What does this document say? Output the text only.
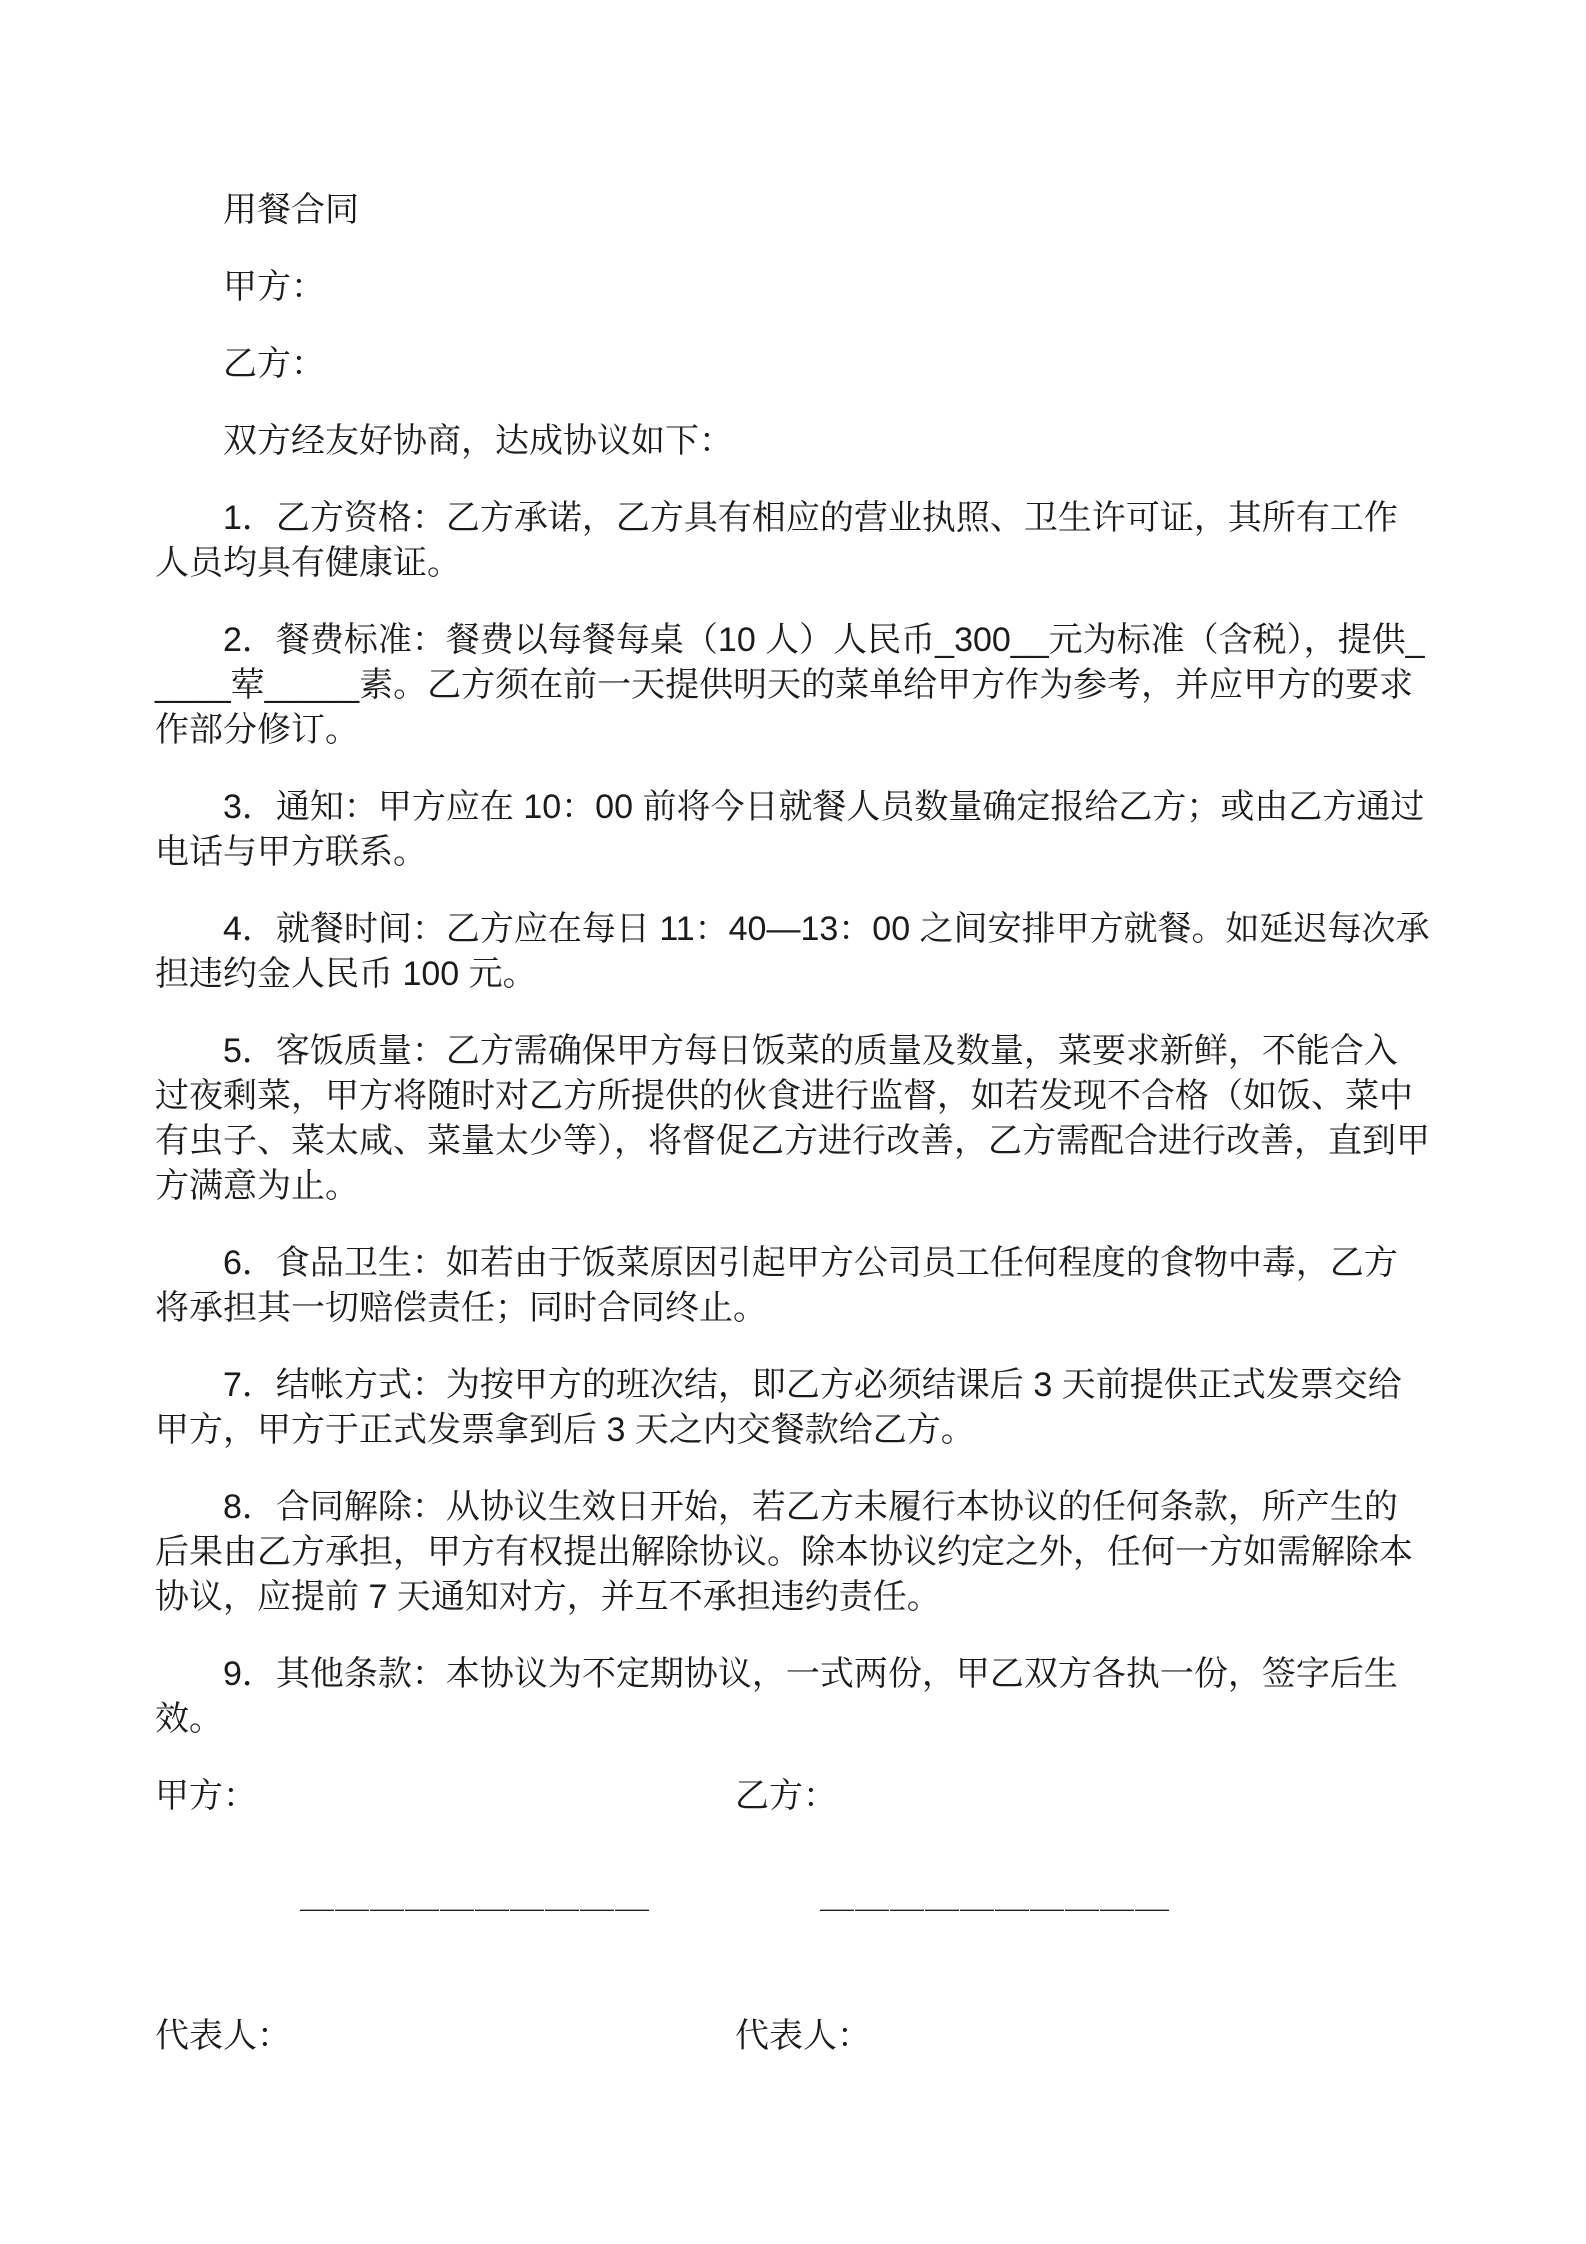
用餐合同

甲方：

乙方：

双方经友好协商，达成协议如下：

1．乙方资格：乙方承诺，乙方具有相应的营业执照、卫生许可证，其所有工作人员均具有健康证。

2．餐费标准：餐费以每餐每桌（10 人）人民币_300__元为标准（含税），提供_____荤_____素。乙方须在前一天提供明天的菜单给甲方作为参考，并应甲方的要求作部分修订。

3．通知：甲方应在 10：00 前将今日就餐人员数量确定报给乙方；或由乙方通过电话与甲方联系。

4．就餐时间：乙方应在每日 11：40—13：00 之间安排甲方就餐。如延迟每次承担违约金人民币 100 元。

5．客饭质量：乙方需确保甲方每日饭菜的质量及数量，菜要求新鲜，不能合入过夜剩菜，甲方将随时对乙方所提供的伙食进行监督，如若发现不合格（如饭、菜中有虫子、菜太咸、菜量太少等），将督促乙方进行改善，乙方需配合进行改善，直到甲方满意为止。

6．食品卫生：如若由于饭菜原因引起甲方公司员工任何程度的食物中毒，乙方将承担其一切赔偿责任；同时合同终止。

7．结帐方式：为按甲方的班次结，即乙方必须结课后 3 天前提供正式发票交给甲方，甲方于正式发票拿到后 3 天之内交餐款给乙方。

8．合同解除：从协议生效日开始，若乙方未履行本协议的任何条款，所产生的后果由乙方承担，甲方有权提出解除协议。除本协议约定之外，任何一方如需解除本协议，应提前 7 天通知对方，并互不承担违约责任。

9．其他条款：本协议为不定期协议，一式两份，甲乙双方各执一份，签字后生效。

甲方：	乙方：
＿＿＿＿＿＿＿＿＿＿	＿＿＿＿＿＿＿＿＿＿
代表人：	代表人：
